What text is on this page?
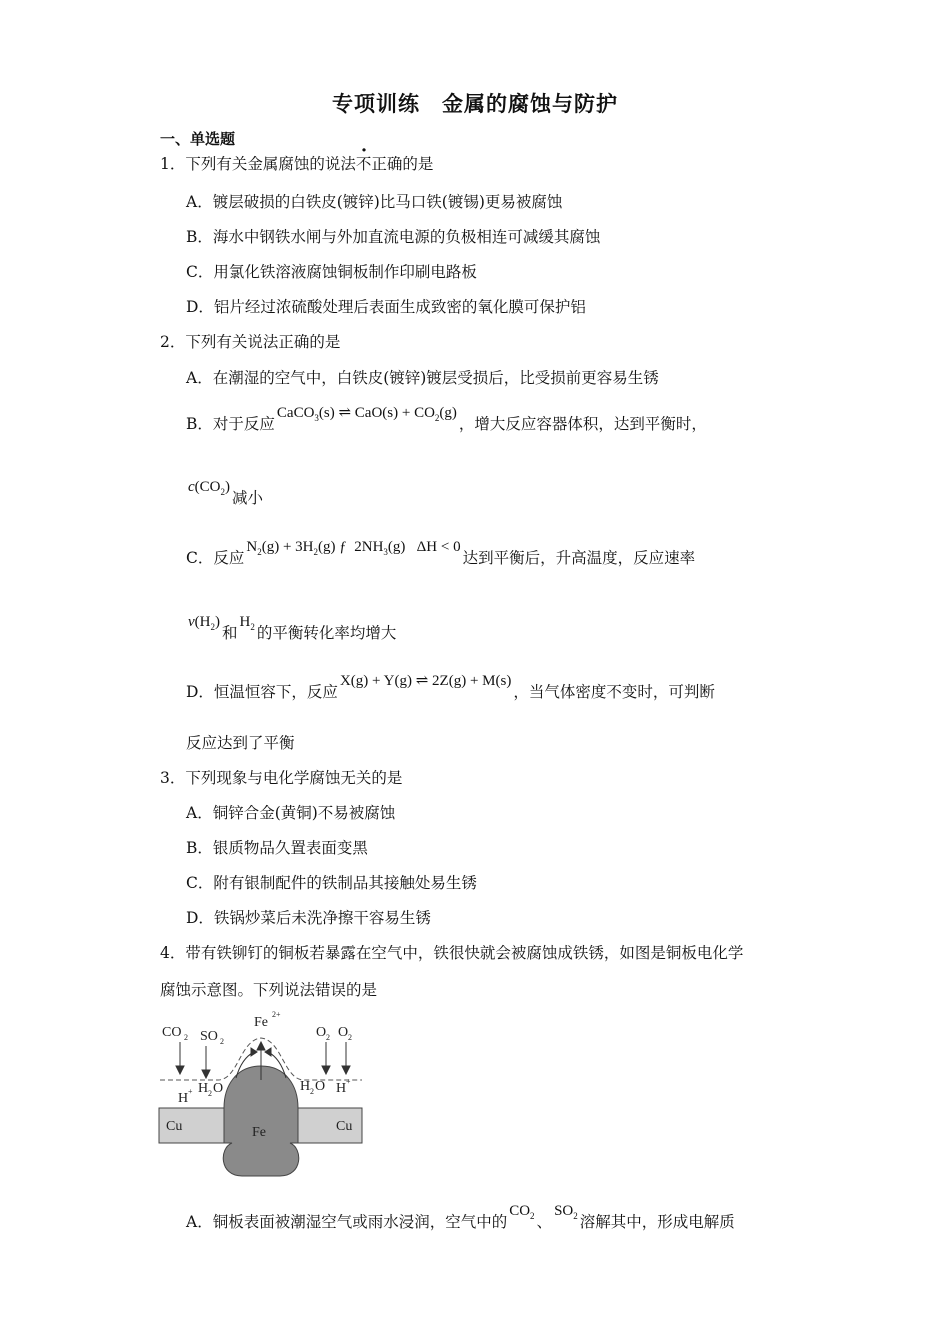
专项训练　金属的腐蚀与防护
一、单选题
1．下列有关金属腐蚀的说法不正确的是
A．镀层破损的白铁皮(镀锌)比马口铁(镀锡)更易被腐蚀
B．海水中钢铁水闸与外加直流电源的负极相连可减缓其腐蚀
C．用氯化铁溶液腐蚀铜板制作印刷电路板
D．铝片经过浓硫酸处理后表面生成致密的氧化膜可保护铝
2．下列有关说法正确的是
A．在潮湿的空气中，白铁皮(镀锌)镀层受损后，比受损前更容易生锈
B．对于反应CaCO$_3$(s) ⇌ $CaO(s) + CO_2(g)$，增大反应容器体积，达到平衡时，
$c(CO_2)$减小
C．反应$N_2(g) + 3H_2(g)$ ƒ  $2NH_3(g) \Delta H < 0$达到平衡后，升高温度，反应速率
$v(H_2)$和$H_2$ 的平衡转化率均增大
D．恒温恒容下，反应X(g) + Y(g) ⇌ 2Z(g) + M(s)，当气体密度不变时，可判断
反应达到了平衡
3．下列现象与电化学腐蚀无关的是
A．铜锌合金(黄铜)不易被腐蚀
B．银质物品久置表面变黑
C．附有银制配件的铁制品其接触处易生锈
D．铁锅炒菜后未洗净擦干容易生锈
4．带有铁铆钉的铜板若暴露在空气中，铁很快就会被腐蚀成铁锈，如图是铜板电化学
腐蚀示意图。下列说法错误的是
Fe
2+
CO 2 SO 2
O 2 O 2
H 2 O	H 2 O
H +	H +
Cu	Cu
Fe
A．铜板表面被潮湿空气或雨水浸润，空气中的$CO_2$ 、$SO_2$ 溶解其中，形成电解质
